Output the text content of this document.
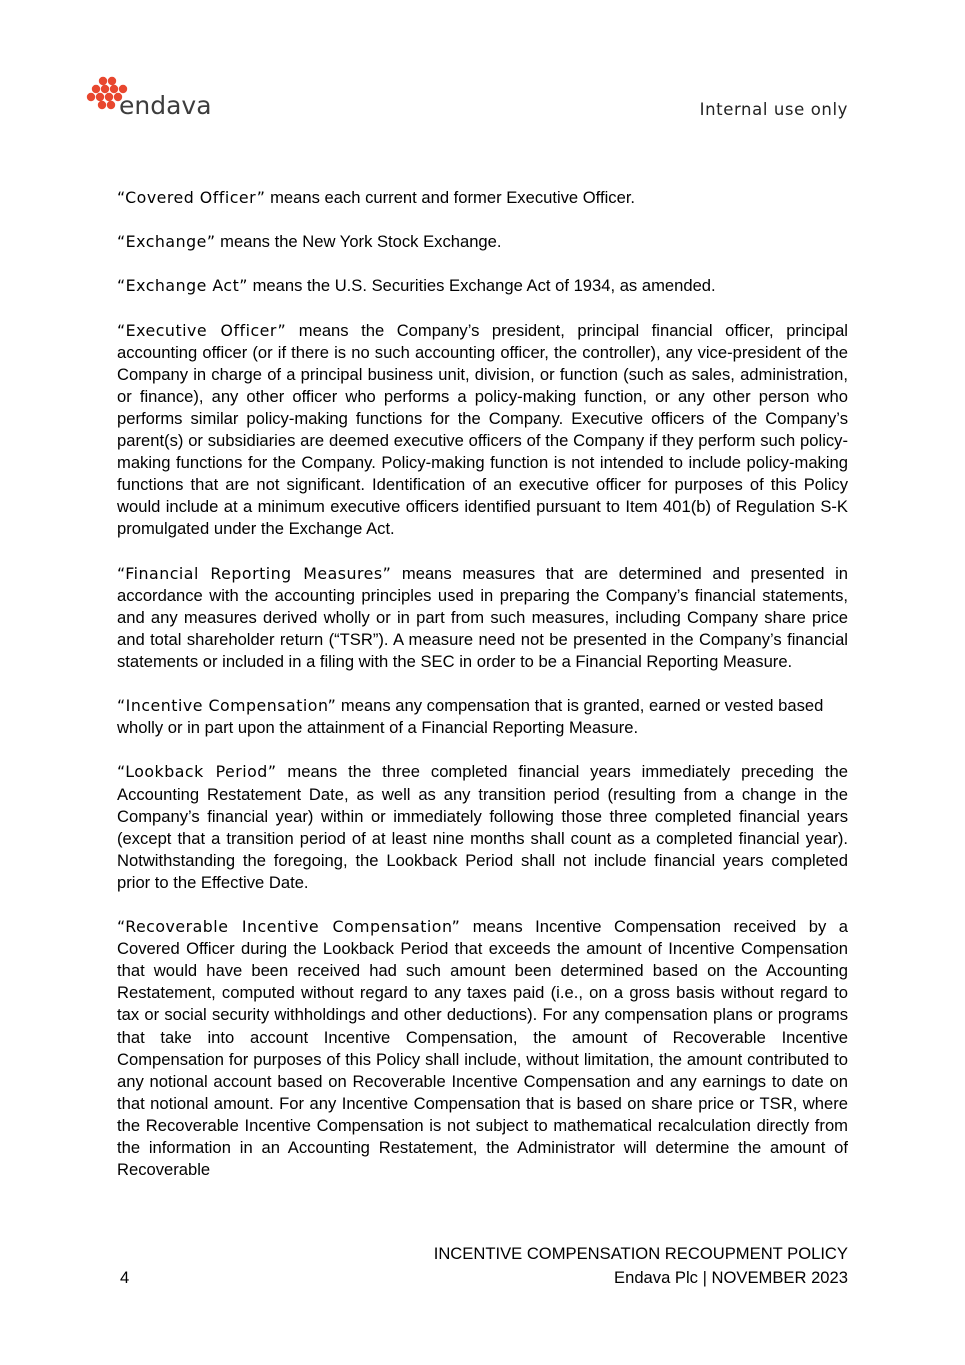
endava	Internal use only

“Covered Officer” means each current and former Executive Officer.

“Exchange” means the New York Stock Exchange.

“Exchange Act” means the U.S. Securities Exchange Act of 1934, as amended.

“Executive Officer” means the Company’s president, principal financial officer, principal accounting officer (or if there is no such accounting officer, the controller), any vice-president of the Company in charge of a principal business unit, division, or function (such as sales, administration, or finance), any other officer who performs a policy-making function, or any other person who performs similar policy-making functions for the Company. Executive officers of the Company’s parent(s) or subsidiaries are deemed executive officers of the Company if they perform such policy- making functions for the Company. Policy-making function is not intended to include policy-making functions that are not significant. Identification of an executive officer for purposes of this Policy would include at a minimum executive officers identified pursuant to Item 401(b) of Regulation S-K promulgated under the Exchange Act.

“Financial Reporting Measures” means measures that are determined and presented in accordance with the accounting principles used in preparing the Company’s financial statements, and any measures derived wholly or in part from such measures, including Company share price and total shareholder return (“TSR”). A measure need not be presented in the Company’s financial statements or included in a filing with the SEC in order to be a Financial Reporting Measure.

“Incentive Compensation” means any compensation that is granted, earned or vested based wholly or in part upon the attainment of a Financial Reporting Measure.

“Lookback Period” means the three completed financial years immediately preceding the Accounting Restatement Date, as well as any transition period (resulting from a change in the Company’s financial year) within or immediately following those three completed financial years (except that a transition period of at least nine months shall count as a completed financial year). Notwithstanding the foregoing, the Lookback Period shall not include financial years completed prior to the Effective Date.

“Recoverable Incentive Compensation” means Incentive Compensation received by a Covered Officer during the Lookback Period that exceeds the amount of Incentive Compensation that would have been received had such amount been determined based on the Accounting Restatement, computed without regard to any taxes paid (i.e., on a gross basis without regard to tax or social security withholdings and other deductions). For any compensation plans or programs that take into account Incentive Compensation, the amount of Recoverable Incentive Compensation for purposes of this Policy shall include, without limitation, the amount contributed to any notional account based on Recoverable Incentive Compensation and any earnings to date on that notional amount. For any Incentive Compensation that is based on share price or TSR, where the Recoverable Incentive Compensation is not subject to mathematical recalculation directly from the information in an Accounting Restatement, the Administrator will determine the amount of Recoverable

INCENTIVE COMPENSATION RECOUPMENT POLICY
Endava Plc | NOVEMBER 2023
4
